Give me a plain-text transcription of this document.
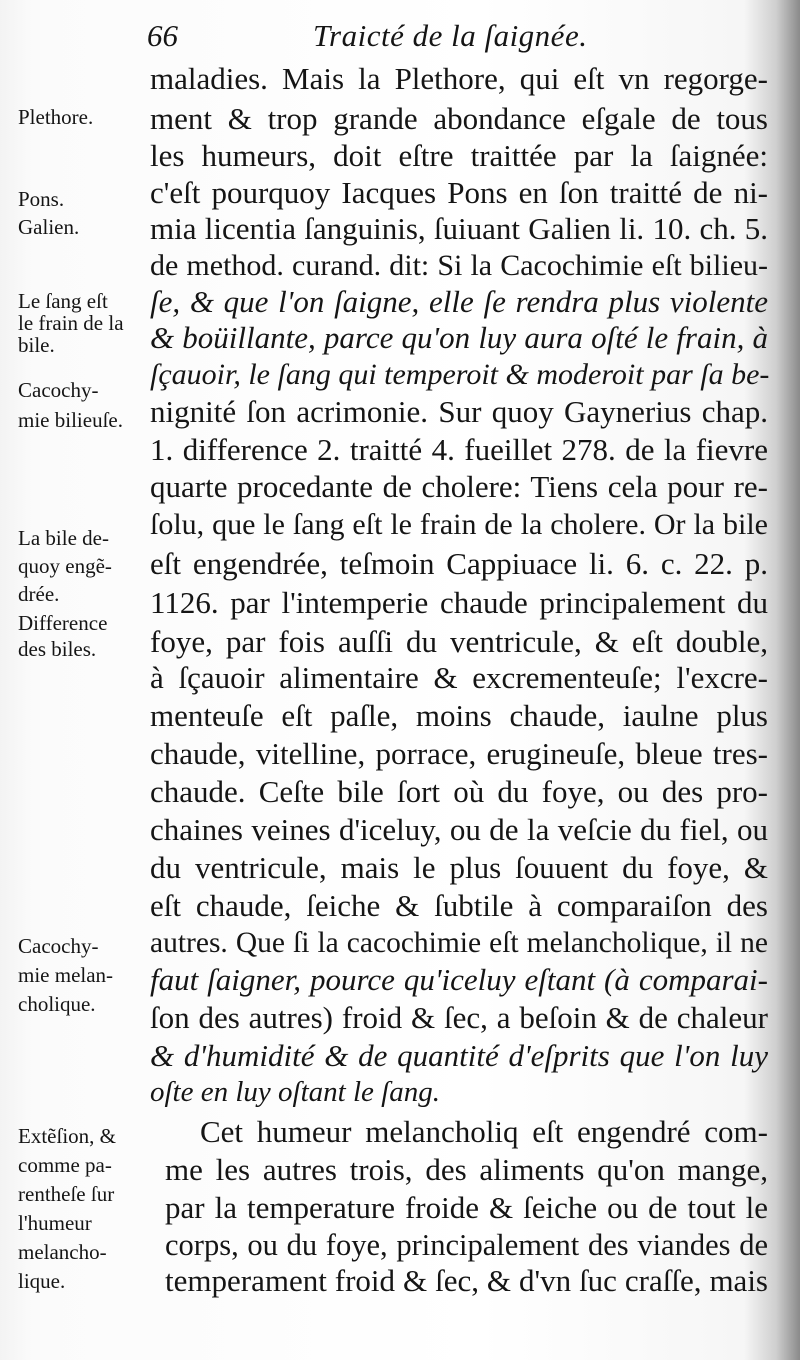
66	Traicté de la ſaignée.
maladies. Mais la Plethore, qui eſt vn regorge-
ment & trop grande abondance eſgale de tous
les humeurs, doit eſtre traittée par la ſaignée:
c'eſt pourquoy Iacques Pons en ſon traitté de ni-
mia licentia ſanguinis, ſuiuant Galien li. 10. ch. 5.
de method. curand. dit: Si la Cacochimie eſt bilieu-
ſe, & que l'on ſaigne, elle ſe rendra plus violente
& boüillante, parce qu'on luy aura oſté le frain, à
ſçauoir, le ſang qui temperoit & moderoit par ſa be-
nignité ſon acrimonie. Sur quoy Gaynerius chap.
1. difference 2. traitté 4. fueillet 278. de la fievre
quarte procedante de cholere: Tiens cela pour re-
ſolu, que le ſang eſt le frain de la cholere. Or la bile
eſt engendrée, teſmoin Cappiuace li. 6. c. 22. p.
1126. par l'intemperie chaude principalement du
foye, par fois auſſi du ventricule, & eſt double,
à ſçauoir alimentaire & excrementeuſe; l'excre-
menteuſe eſt paſle, moins chaude, iaulne plus
chaude, vitelline, porrace, erugineuſe, bleue tres-
chaude. Ceſte bile ſort où du foye, ou des pro-
chaines veines d'iceluy, ou de la veſcie du fiel, ou
du ventricule, mais le plus ſouuent du foye, &
eſt chaude, ſeiche & ſubtile à comparaiſon des
autres. Que ſi la cacochimie eſt melancholique, il ne
faut ſaigner, pource qu'iceluy eſtant (à comparai-
ſon des autres) froid & ſec, a beſoin & de chaleur
& d'humidité & de quantité d'eſprits que l'on luy
oſte en luy oſtant le ſang.
Cet humeur melancholiq eſt engendré com-
me les autres trois, des aliments qu'on mange,
par la temperature froide & ſeiche ou de tout le
corps, ou du foye, principalement des viandes de
temperament froid & ſec, & d'vn ſuc craſſe, mais
Plethore.
Pons.
Galien.
Le ſang eſt
le frain de la
bile.
Cacochy-
mie bilieuſe.
La bile de-
quoy engẽ-
drée.
Difference
des biles.
Cacochy-
mie melan-
cholique.
Extẽſion, &
comme pa-
rentheſe ſur
l'humeur
melancho-
lique.
